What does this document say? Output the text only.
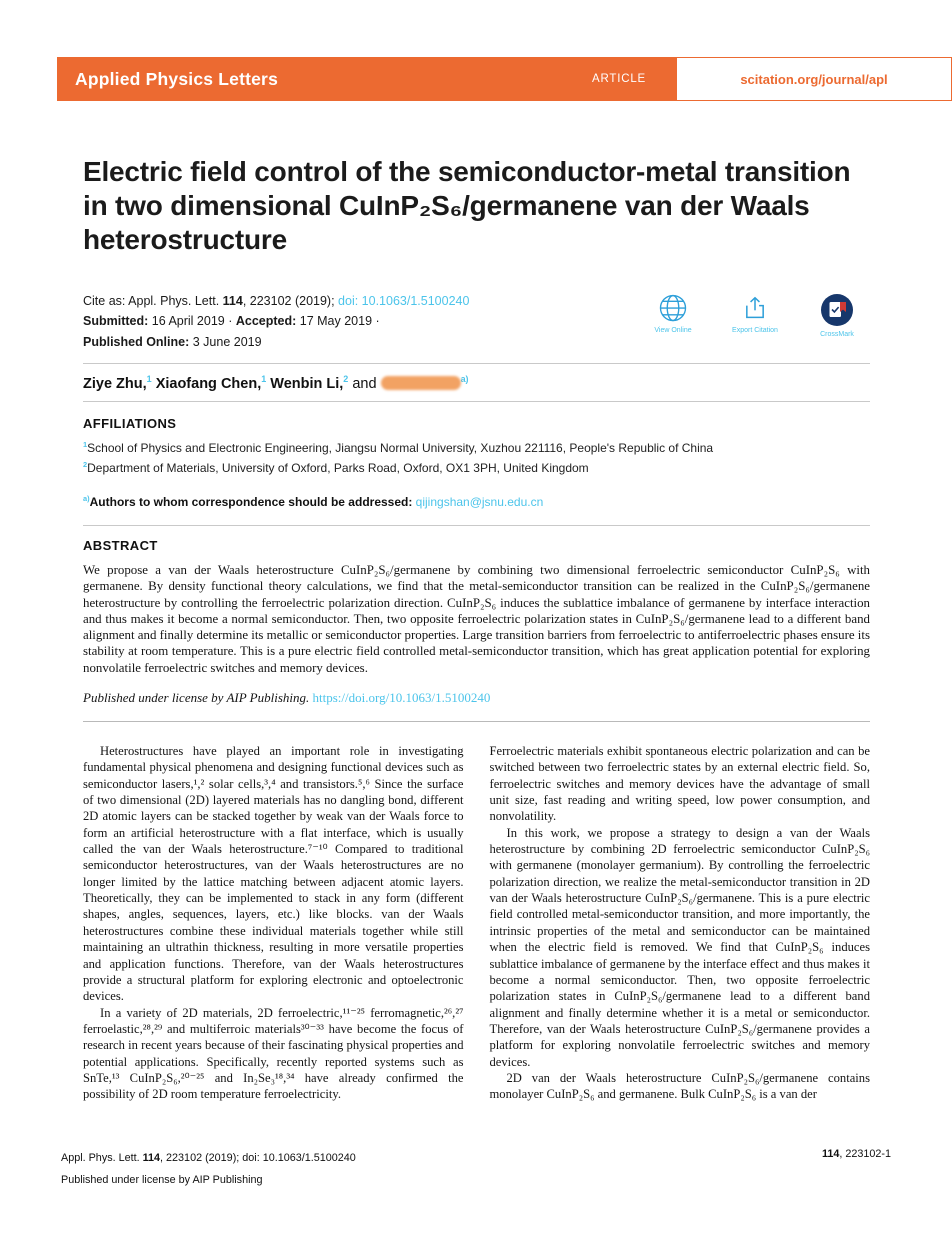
Applied Physics Letters	ARTICLE	scitation.org/journal/apl
Electric field control of the semiconductor-metal transition in two dimensional CuInP₂S₆/germanene van der Waals heterostructure
Cite as: Appl. Phys. Lett. 114, 223102 (2019); doi: 10.1063/1.5100240
Submitted: 16 April 2019 · Accepted: 17 May 2019 ·
Published Online: 3 June 2019
View Online	Export Citation
CrossMark
Ziye Zhu,$^1$ Xiaofang Chen,$^1$ Wenbin Li,$^2$ and	$^{a)}$
AFFILIATIONS
$^1$School of Physics and Electronic Engineering, Jiangsu Normal University, Xuzhou 221116, People's Republic of China
$^2$Department of Materials, University of Oxford, Parks Road, Oxford, OX1 3PH, United Kingdom
$^{a)}$Authors to whom correspondence should be addressed: qijingshan@jsnu.edu.cn
ABSTRACT

We propose a van der Waals heterostructure CuInP₂S₆/germanene by combining two dimensional ferroelectric semiconductor CuInP₂S₆ with germanene. By density functional theory calculations, we find that the metal-semiconductor transition can be realized in the CuInP₂S₆/germanene heterostructure by controlling the ferroelectric polarization direction. CuInP₂S₆ induces the sublattice imbalance of germanene by interface interaction and thus makes it become a normal semiconductor. Then, two opposite ferroelectric polarization states in CuInP₂S₆/germanene lead to a different band alignment and finally determine its metallic or semiconductor properties. Large transition barriers from ferroelectric to antiferroelectric phases ensure its stability at room temperature. This is a pure electric field controlled metal-semiconductor transition, which has great application potential for exploring nonvolatile ferroelectric switches and memory devices.

Published under license by AIP Publishing. https://doi.org/10.1063/1.5100240

Heterostructures have played an important role in investigating fundamental physical phenomena and designing functional devices such as semiconductor lasers,¹,² solar cells,³,⁴ and transistors.⁵,⁶ Since the surface of two dimensional (2D) layered materials has no dangling bond, different 2D atomic layers can be stacked together by weak van der Waals force to form an artificial heterostructure with a flat interface, which is usually called the van der Waals heterostructure.⁷⁻¹⁰ Compared to traditional semiconductor heterostructures, van der Waals heterostructures are no longer limited by the lattice matching between adjacent atomic layers. Theoretically, they can be implemented to stack in any form (different shapes, angles, sequences, layers, etc.) like blocks. van der Waals heterostructures combine these individual materials together while still maintaining an ultrathin thickness, resulting in more versatile properties and application functions. Therefore, van der Waals heterostructures provide a structural platform for exploring electronic and optoelectronic devices.

In a variety of 2D materials, 2D ferroelectric,¹¹⁻²⁵ ferromagnetic,²⁶,²⁷ ferroelastic,²⁸,²⁹ and multiferroic materials³⁰⁻³³ have become the focus of research in recent years because of their fascinating physical properties and potential applications. Specifically, recently reported systems such as SnTe,¹³ CuInP₂S₆,²⁰⁻²⁵ and In₂Se₃¹⁸,³⁴ have already confirmed the possibility of 2D room temperature ferroelectricity.

Ferroelectric materials exhibit spontaneous electric polarization and can be switched between two ferroelectric states by an external electric field. So, ferroelectric switches and memory devices have the advantage of small unit size, fast reading and writing speed, low power consumption, and nonvolatility.

In this work, we propose a strategy to design a van der Waals heterostructure by combining 2D ferroelectric semiconductor CuInP₂S₆ with germanene (monolayer germanium). By controlling the ferroelectric polarization direction, we realize the metal-semiconductor transition in 2D van der Waals heterostructure CuInP₂S₆/germanene. This is a pure electric field controlled metal-semiconductor transition, and more importantly, the intrinsic properties of the metal and semiconductor can be maintained when the electric field is removed. We find that CuInP₂S₆ induces sublattice imbalance of germanene by the interface effect and thus makes it become a normal semiconductor. Then, two opposite ferroelectric polarization states in CuInP₂S₆/germanene lead to a different band alignment and finally determine whether it is a metal or semiconductor. Therefore, van der Waals heterostructure CuInP₂S₆/germanene provides a platform for exploring nonvolatile ferroelectric switches and memory devices.

2D van der Waals heterostructure CuInP₂S₆/germanene contains monolayer CuInP₂S₆ and germanene. Bulk CuInP₂S₆ is a van der

Appl. Phys. Lett. 114, 223102 (2019); doi: 10.1063/1.5100240
Published under license by AIP Publishing
114, 223102-1
